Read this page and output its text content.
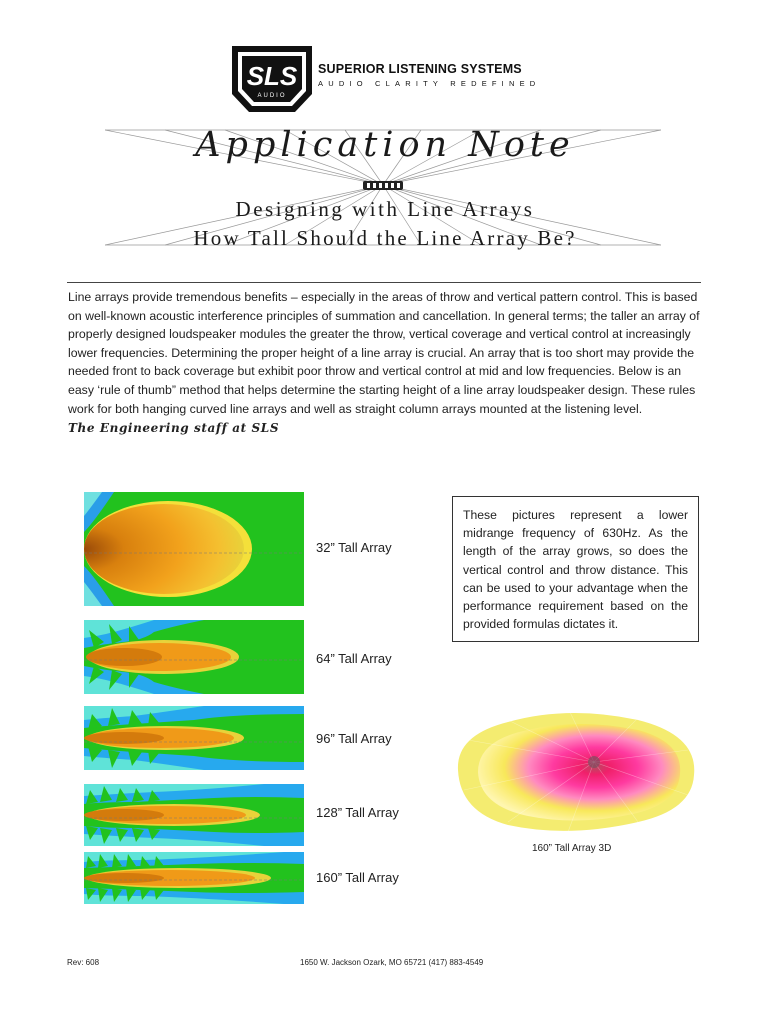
SLS
AUDIO
SUPERIOR LISTENING SYSTEMS
AUDIO CLARITY REDEFINED
Application Note
Designing with Line Arrays
How Tall Should the Line Array Be?
Line arrays provide tremendous benefits – especially in the areas of throw and vertical pattern control. This is based on well-known acoustic interference principles of summation and cancellation. In general terms; the taller an array of properly designed loudspeaker modules the greater the throw, vertical coverage and vertical control at increasingly lower frequencies. Determining the proper height of a line array is crucial. An array that is too short may provide the needed front to back coverage but exhibit poor throw and vertical control at mid and low frequencies. Below is an easy ‘rule of thumb” method that helps determine the starting height of a line array loudspeaker design. These rules work for both hanging curved line arrays and well as straight column arrays mounted at the listening level.
The Engineering staff at SLS
32” Tall Array
64” Tall Array
96” Tall Array
128” Tall Array
160” Tall Array
These pictures represent a lower midrange frequency of 630Hz. As the length of the array grows, so does the vertical control and throw distance. This can be used to your advantage when the performance requirement based on the provided formulas dictates it.
160” Tall Array 3D
Rev: 608	1650 W. Jackson Ozark, MO 65721 (417) 883-4549
